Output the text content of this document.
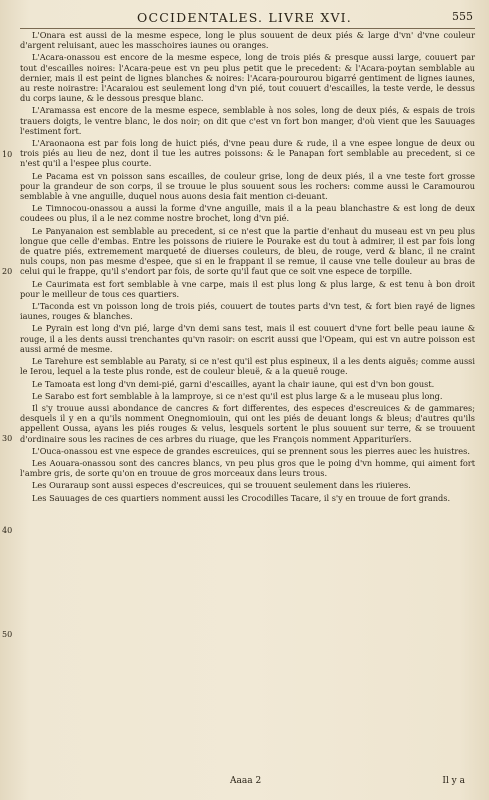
OCCIDENTALES. LIVRE XVI.	555
10
20
30
40
50

L'Onara est aussi de la mesme espece, long le plus souuent de deux piés & large d'vn' d'vne couleur d'argent reluisant, auec les masschoires iaunes ou oranges.

L'Acara-onassou est encore de la mesme espece, long de trois piés & presque aussi large, couuert par tout d'escailles noires: l'Acara-peue est vn peu plus petit que le precedent: & l'Acara-poytan semblable au dernier, mais il est peint de lignes blanches & noires: l'Acara-pourourou bigarré gentiment de lignes iaunes, au reste noirastre: l'Acaraiou est seulement long d'vn pié, tout couuert d'escailles, la teste verde, le dessus du corps iaune, & le dessous presque blanc.

L'Aramassa est encore de la mesme espece, semblable à nos soles, long de deux piés, & espais de trois trauers doigts, le ventre blanc, le dos noir; on dit que c'est vn fort bon manger, d'où vient que les Sauuages l'estiment fort.

L'Araonaona est par fois long de huict piés, d'vne peau dure & rude, il a vne espee longue de deux ou trois piés au lieu de nez, dont il tue les autres poissons: & le Panapan fort semblable au precedent, si ce n'est qu'il a l'espee plus courte.

Le Pacama est vn poisson sans escailles, de couleur grise, long de deux piés, il a vne teste fort grosse pour la grandeur de son corps, il se trouue le plus souuent sous les rochers: comme aussi le Caramourou semblable à vne anguille, duquel nous auons desia fait mention ci-deuant.

Le Timnocou-onassou a aussi la forme d'vne anguille, mais il a la peau blanchastre & est long de deux coudees ou plus, il a le nez comme nostre brochet, long d'vn pié.

Le Panyanaion est semblable au precedent, si ce n'est que la partie d'enhaut du museau est vn peu plus longue que celle d'embas. Entre les poissons de riuiere le Pourake est du tout à admirer, il est par fois long de quatre piés, extremement marqueté de diuerses couleurs, de bleu, de rouge, verd & blanc, il ne craint nuls coups, non pas mesme d'espee, que si en le frappant il se remue, il cause vne telle douleur au bras de celui qui le frappe, qu'il s'endort par fois, de sorte qu'il faut que ce soit vne espece de torpille.

Le Caurimata est fort semblable à vne carpe, mais il est plus long & plus large, & est tenu à bon droit pour le meilleur de tous ces quartiers.

L'Taconda est vn poisson long de trois piés, couuert de toutes parts d'vn test, & fort bien rayé de lignes iaunes, rouges & blanches.

Le Pyrain est long d'vn pié, large d'vn demi sans test, mais il est couuert d'vne fort belle peau iaune & rouge, il a les dents aussi trenchantes qu'vn rasoir: on escrit aussi que l'Opeam, qui est vn autre poisson est aussi armé de mesme.

Le Tarehure est semblable au Paraty, si ce n'est qu'il est plus espineux, il a les dents aiguës; comme aussi le Ierou, lequel a la teste plus ronde, est de couleur bleuë, & a la queuë rouge.

Le Tamoata est long d'vn demi-pié, garni d'escailles, ayant la chair iaune, qui est d'vn bon goust.

Le Sarabo est fort semblable à la lamproye, si ce n'est qu'il est plus large & a le museau plus long.

Il s'y trouue aussi abondance de cancres & fort differentes, des especes d'escreuices & de gammares; desquels il y en a qu'ils nomment Onegnomiouin, qui ont les piés de deuant longs & bleus; d'autres qu'ils appellent Oussa, ayans les piés rouges & velus, lesquels sortent le plus souuent sur terre, & se trouuent d'ordinaire sous les racines de ces arbres du riuage, que les François nomment Appariturïers.

L'Ouca-onassou est vne espece de grandes escreuices, qui se prennent sous les pierres auec les huistres.

Les Aouara-onassou sont des cancres blancs, vn peu plus gros que le poing d'vn homme, qui aiment fort l'ambre gris, de sorte qu'on en trouue de gros morceaux dans leurs trous.

Les Ouraraup sont aussi especes d'escreuices, qui se trouuent seulement dans les riuieres.

Les Sauuages de ces quartiers nomment aussi les Crocodilles Tacare, il s'y en trouue de fort grands.

Aaaa 2	Il y a
